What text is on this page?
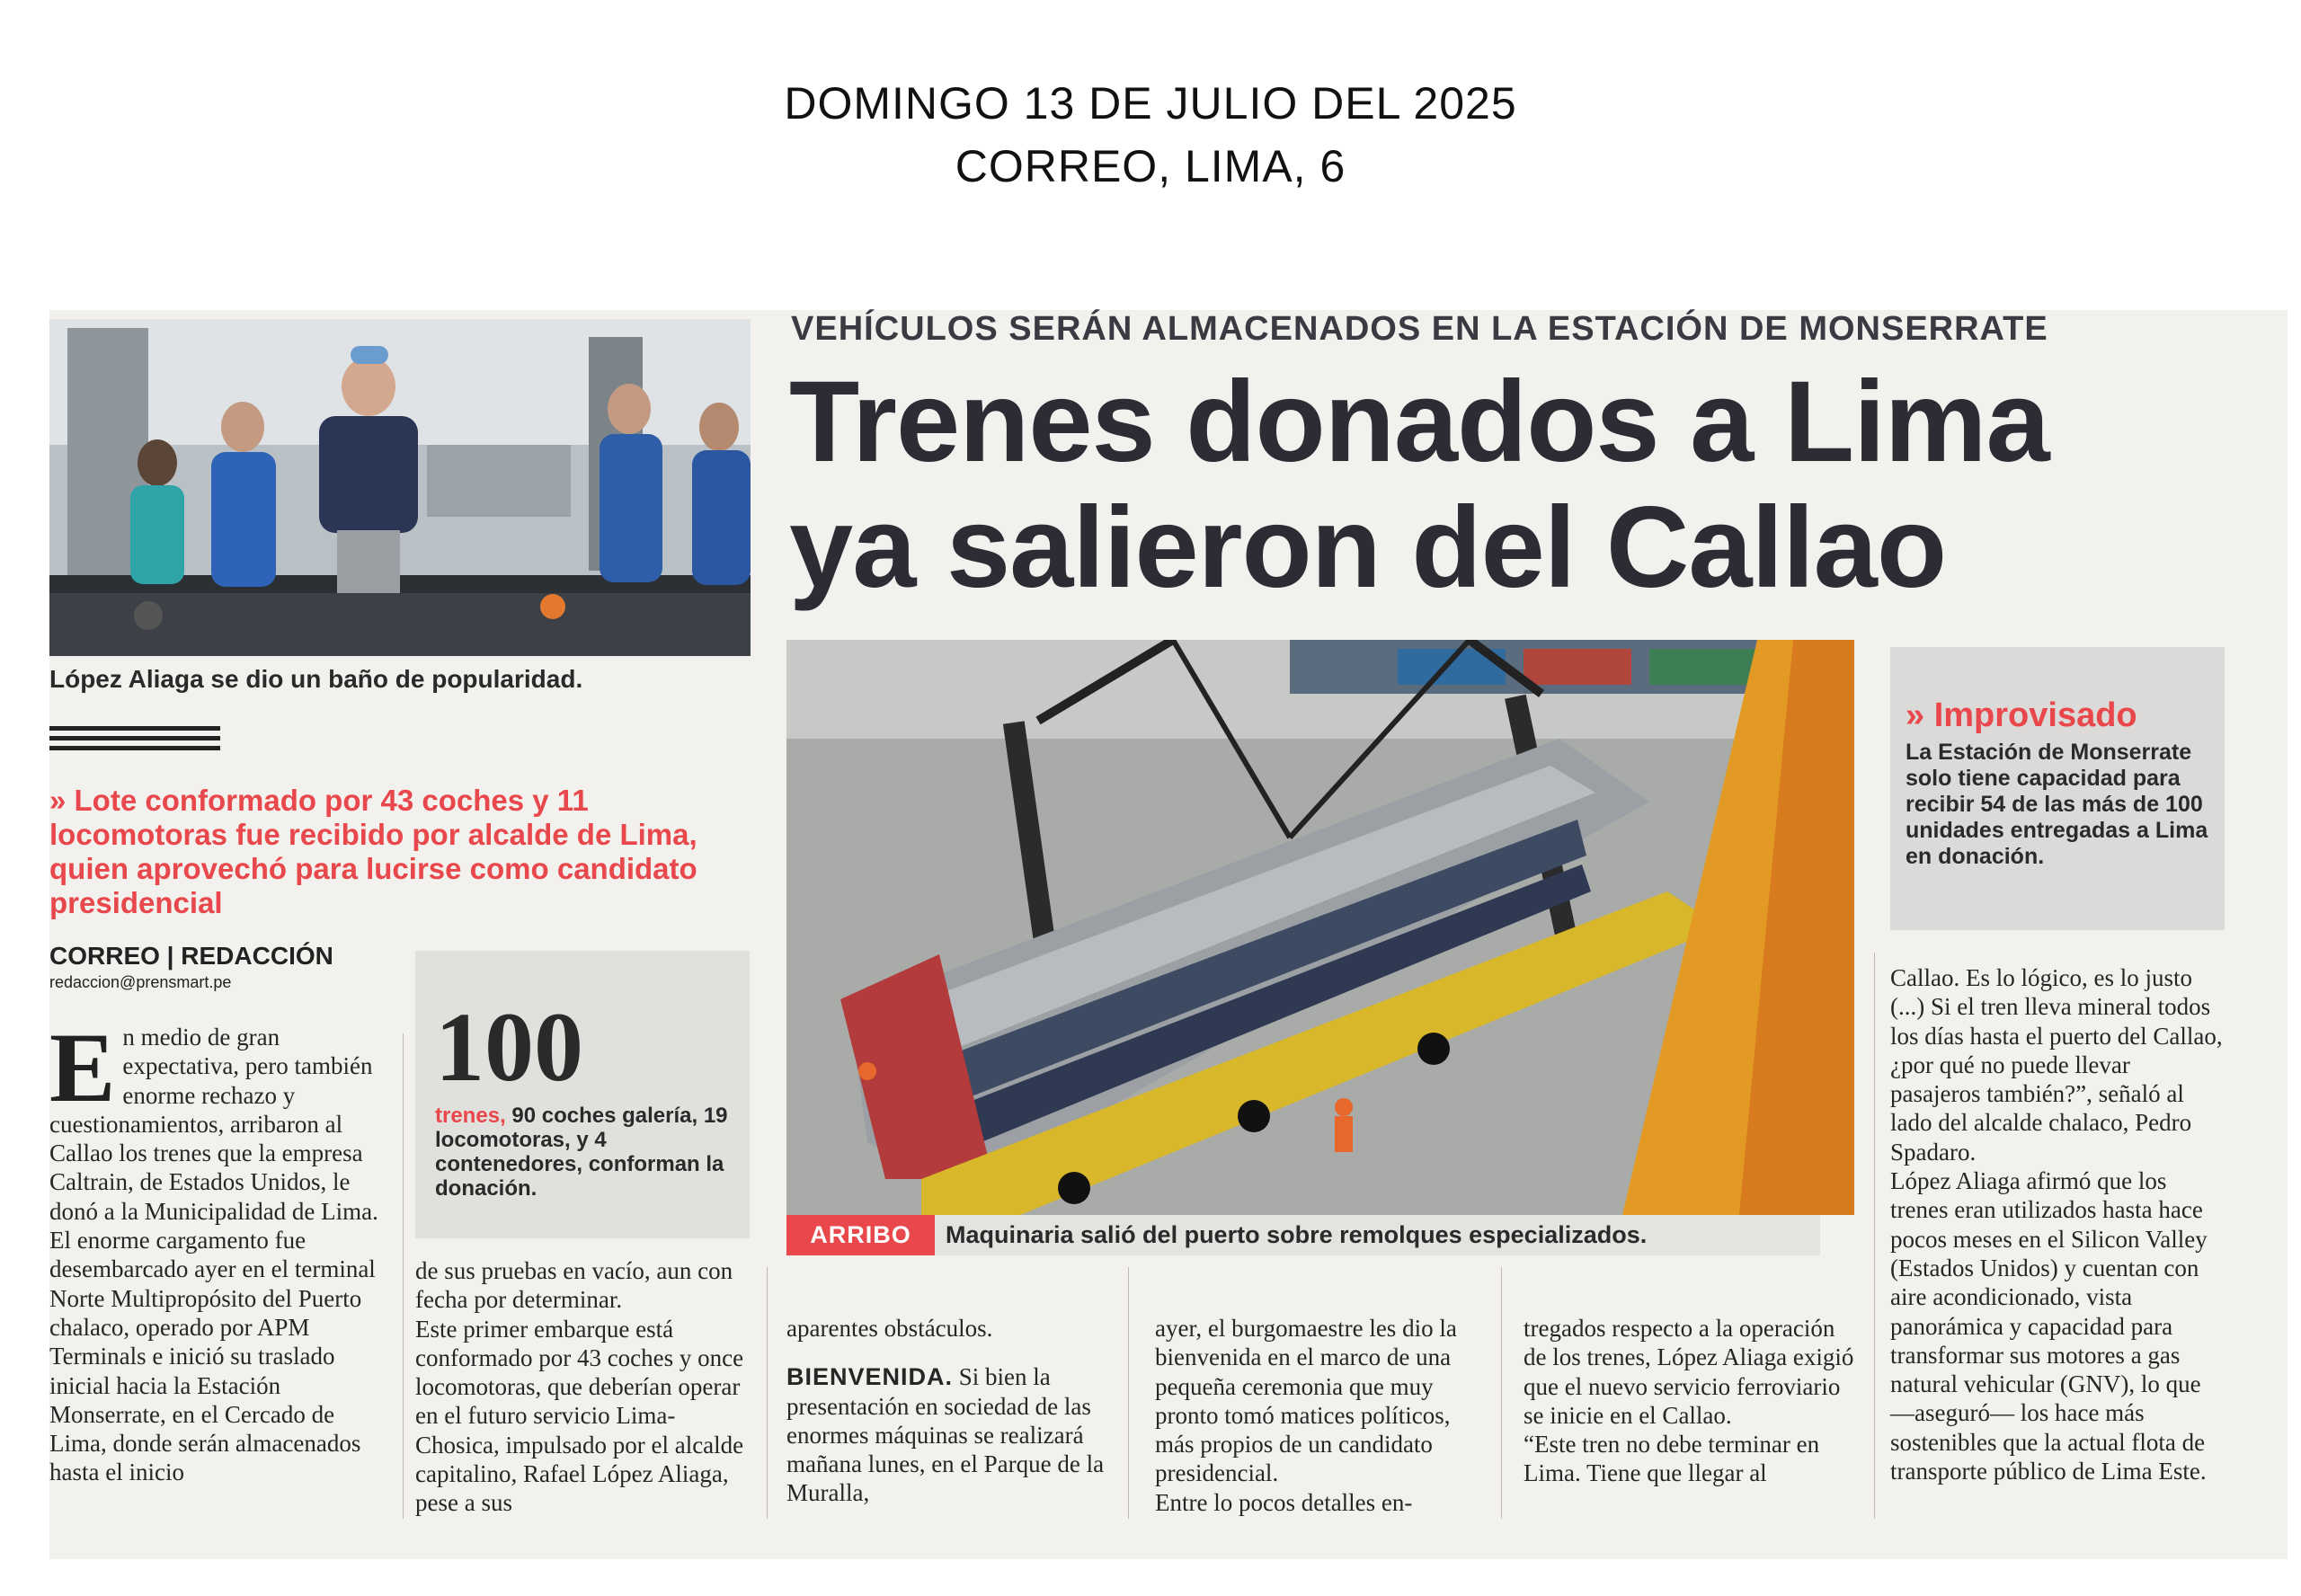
DOMINGO 13 DE JULIO DEL 2025
CORREO, LIMA, 6
VEHÍCULOS SERÁN ALMACENADOS EN LA ESTACIÓN DE MONSERRATE
Trenes donados a Lima
ya salieron del Callao
López Aliaga se dio un baño de popularidad.
» Lote conformado por 43 coches y 11 locomotoras fue recibido por alcalde de Lima, quien aprovechó para lucirse como candidato presidencial
CORREO | REDACCIÓN
redaccion@prensmart.pe
100
trenes, 90 coches galería, 19 locomotoras, y 4 contenedores, conforman la donación.
ARRIBO	Maquinaria salió del puerto sobre remolques especializados.
» Improvisado
La Estación de Monserrate solo tiene capacidad para recibir 54 de las más de 100 unidades entregadas a Lima en donación.

En medio de gran expectativa, pero también enorme rechazo y cuestionamientos, arribaron al Callao los trenes que la empresa Caltrain, de Estados Unidos, le donó a la Municipalidad de Lima.

El enorme cargamento fue desembarcado ayer en el terminal Norte Multipropósito del Puerto chalaco, operado por APM Terminals e inició su traslado inicial hacia la Estación Monserrate, en el Cercado de Lima, donde serán almacenados hasta el inicio

de sus pruebas en vacío, aun con fecha por determinar.

Este primer embarque está conformado por 43 coches y once locomotoras, que deberían operar en el futuro servicio Lima-Chosica, impulsado por el alcalde capitalino, Rafael López Aliaga, pese a sus

aparentes obstáculos.

BIENVENIDA. Si bien la presentación en sociedad de las enormes máquinas se realizará mañana lunes, en el Parque de la Muralla,

ayer, el burgomaestre les dio la bienvenida en el marco de una pequeña ceremonia que muy pronto tomó matices políticos, más propios de un candidato presidencial.

Entre lo pocos detalles en-

tregados respecto a la operación de los trenes, López Aliaga exigió que el nuevo servicio ferroviario se inicie en el Callao.

“Este tren no debe terminar en Lima. Tiene que llegar al

Callao. Es lo lógico, es lo justo (...) Si el tren lleva mineral todos los días hasta el puerto del Callao, ¿por qué no puede llevar pasajeros también?”, señaló al lado del alcalde chalaco, Pedro Spadaro.

López Aliaga afirmó que los trenes eran utilizados hasta hace pocos meses en el Silicon Valley (Estados Unidos) y cuentan con aire acondicionado, vista panorámica y capacidad para transformar sus motores a gas natural vehicular (GNV), lo que —aseguró— los hace más sostenibles que la actual flota de transporte público de Lima Este.
